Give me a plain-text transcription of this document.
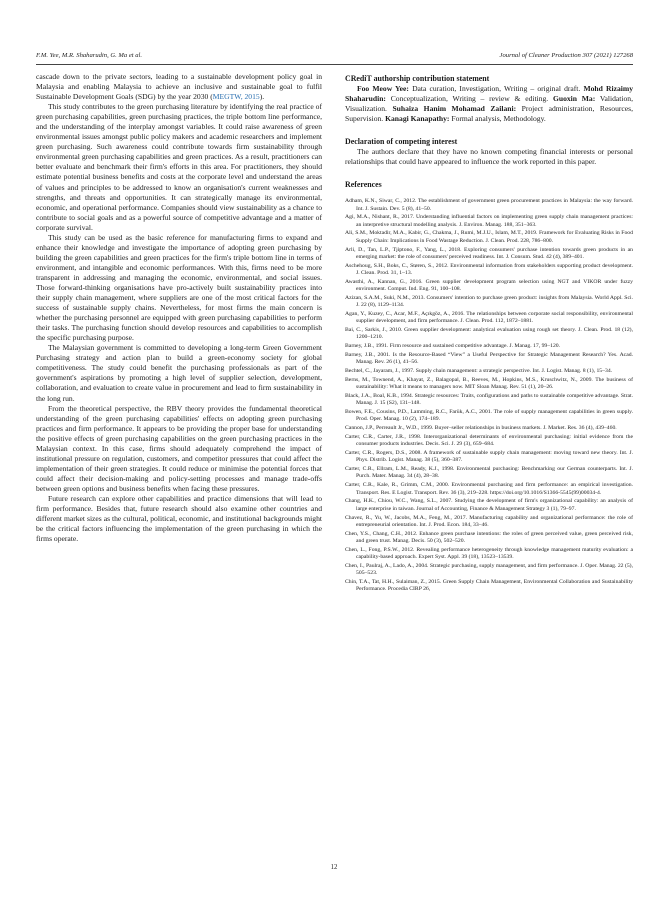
F.M. Yee, M.R. Shaharudin, G. Ma et al.	Journal of Cleaner Production 307 (2021) 127268

cascade down to the private sectors, leading to a sustainable development policy goal in Malaysia and enabling Malaysia to achieve an inclusive and sustainable goal to fulfil Sustainable Development Goals (SDG) by the year 2030 (MEGTW, 2015).

This study contributes to the green purchasing literature by identifying the real practice of green purchasing capabilities, green purchasing practices, the triple bottom line performance, and the understanding of the interplay amongst variables. It could raise awareness of green environmental issues amongst public policy makers and academic researchers and implement green purchasing. Such awareness could contribute towards firm sustainability through environmental green purchasing capabilities and green practices. As a result, practitioners can better evaluate and benchmark their firm's efforts in this area. For practitioners, they should estimate potential business benefits and costs at the corporate level and understand the areas of values and principles to be addressed to know an organisation's current weaknesses and strengths, and threats and opportunities. It can strategically manage its environmental, economic, and operational performance. Companies should view sustainability as a chance to contribute to social goals and as a powerful source of competitive advantage and a matter of corporate survival.

This study can be used as the basic reference for manufacturing firms to expand and enhance their knowledge and investigate the importance of adopting green purchasing by building the green capabilities and green practices for the firm's triple bottom line in terms of environment, and intangible and economic performances. With this, firms need to be more transparent in addressing and managing the economic, environmental, and social issues. Those forward-thinking organisations have pro-actively built sustainability practices into their supply chain management, where suppliers are one of the most critical factors for the success of sustainable supply chains. Nevertheless, for most firms the main concern is whether the purchasing personnel are equipped with green purchasing capabilities to perform their tasks. The purchasing function should develop resources and capabilities to accomplish the specific purchasing purpose.

The Malaysian government is committed to developing a long-term Green Government Purchasing strategy and action plan to build a green-economy society for global competitiveness. The study could benefit the purchasing professionals as part of the government's aspirations by promoting a high level of supplier selection, development, collaboration, and evaluation to create value in procurement and lead to firm sustainability in the long run.

From the theoretical perspective, the RBV theory provides the fundamental theoretical understanding of the green purchasing capabilities' effects on adopting green purchasing practices and firm performance. It appears to be providing the proper base for understanding the positive effects of green purchasing capabilities on the green purchasing practices in the Malaysian context. In this case, firms should adequately comprehend the impact of institutional pressure on regulation, customers, and competitor pressures that could affect the implementation of their green strategies. It could reduce or minimise the potential forces that could affect their decision-making and policy-setting processes and manage trade-offs between green options and business benefits when facing these pressures.

Future research can explore other capabilities and practice dimensions that will lead to firm performance. Besides that, future research should also examine other countries and different market sizes as the cultural, political, economic, and institutional backgrounds might be the critical factors influencing the implementation of the green purchasing in which the firms operate.

CRediT authorship contribution statement

Foo Meow Yee: Data curation, Investigation, Writing – original draft. Mohd Rizaimy Shaharudin: Conceptualization, Writing – review & editing. Guoxin Ma: Validation, Visualization. Suhaiza Hanim Mohamad Zailani: Project administration, Resources, Supervision. Kanagi Kanapathy: Formal analysis, Methodology.

Declaration of competing interest

The authors declare that they have no known competing financial interests or personal relationships that could have appeared to influence the work reported in this paper.

References

Adham, K.N., Siwar, C., 2012. The establishment of government green procurement practices in Malaysia: the way forward. Int. J. Sustain. Dev. 5 (8), 41–50.

Agi, M.A., Nishant, R., 2017. Understanding influential factors on implementing green supply chain management practices: an interpretive structural modelling analysis. J. Environ. Manag. 188, 351–363.

Ali, S.M., Moktadir, M.A., Kabir, G., Chakma, J., Rumi, M.J.U., Islam, M.T., 2019. Framework for Evaluating Risks in Food Supply Chain: Implications in Food Wastage Reduction. J. Clean. Prod. 228, 786–800.

Arli, D., Tan, L.P., Tjiptono, F., Yang, L., 2018. Exploring consumers' purchase intention towards green products in an emerging market: the role of consumers' perceived readiness. Int. J. Consum. Stud. 42 (4), 389–401.

Aschehoug, S.H., Boks, C., Støren, S., 2012. Environmental information from stakeholders supporting product development. J. Clean. Prod. 31, 1–13.

Awasthi, A., Kannan, G., 2016. Green supplier development program selection using NGT and VIKOR under fuzzy environment. Comput. Ind. Eng. 91, 100–108.

Azizan, S.A.M., Suki, N.M., 2013. Consumers' intention to purchase green product: insights from Malaysia. World Appl. Sci. J. 22 (8), 1129–1134.

Agan, Y., Kuzey, C., Acar, M.F., Açıkgöz, A., 2016. The relationships between corporate social responsibility, environmental supplier development, and firm performance. J. Clean. Prod. 112, 1872–1881.

Bai, C., Sarkis, J., 2010. Green supplier development: analytical evaluation using rough set theory. J. Clean. Prod. 18 (12), 1200–1210.

Barney, J.B., 1991. Firm resource and sustained competitive advantage. J. Manag. 17, 99–120.

Barney, J.B., 2001. Is the Resource-Based “View” a Useful Perspective for Strategic Management Research? Yes. Acad. Manag. Rev. 26 (1), 41–56.

Bechtel, C., Jayaram, J., 1997. Supply chain management: a strategic perspective. Int. J. Logist. Manag. 8 (1), 15–34.

Berns, M., Townend, A., Khayat, Z., Balagopal, B., Reeves, M., Hopkins, M.S., Kruschwitz, N., 2009. The business of sustainability: What it means to managers now. MIT Sloan Manag. Rev. 51 (1), 20–26.

Black, J.A., Boal, K.B., 1994. Strategic resources: Traits, configurations and paths to sustainable competitive advantage. Strat. Manag. J. 15 (S2), 131–148.

Bowen, F.E., Cousins, P.D., Lamming, R.C., Farük, A.C., 2001. The role of supply management capabilities in green supply. Prod. Oper. Manag. 10 (2), 174–189.

Cannon, J.P., Perreault Jr., W.D., 1999. Buyer–seller relationships in business markets. J. Market. Res. 36 (4), 439–460.

Carter, C.R., Carter, J.R., 1998. Interorganizational determinants of environmental purchasing: initial evidence from the consumer products industries. Decis. Sci. J. 29 (3), 659–684.

Carter, C.R., Rogers, D.S., 2008. A framework of sustainable supply chain management: moving toward new theory. Int. J. Phys. Distrib. Logist. Manag. 38 (5), 360–387.

Carter, C.R., Ellram, L.M., Ready, K.J., 1998. Environmental purchasing: Benchmarking our German counterparts. Int. J. Purch. Mater. Manag. 34 (4), 28–38.

Carter, C.R., Kale, R., Grimm, C.M., 2000. Environmental purchasing and firm performance: an empirical investigation. Transport. Res. E Logist. Transport. Rev. 36 (3), 219–228. https://doi.org/10.1016/S1366-5545(99)00034-4.

Chang, H.K., Chiou, W.C., Wang, S.L., 2007. Studying the development of firm's organizational capability: an analysis of large enterprise in taiwan. Journal of Accounting, Finance & Management Strategy 3 (1), 79–97.

Chavez, R., Yu, W., Jacobs, M.A., Feng, M., 2017. Manufacturing capability and organizational performance: the role of entrepreneurial orientation. Int. J. Prod. Econ. 184, 33–46.

Chen, Y.S., Chang, C.H., 2012. Enhance green purchase intentions: the roles of green perceived value, green perceived risk, and green trust. Manag. Decis. 50 (3), 502–520.

Chen, L., Fong, P.S.W., 2012. Revealing performance heterogeneity through knowledge management maturity evaluation: a capability-based approach. Expert Syst. Appl. 39 (18), 13523–13539.

Chen, I., Paulraj, A., Lado, A., 2004. Strategic purchasing, supply management, and firm performance. J. Oper. Manag. 22 (5), 505–523.

Chin, T.A., Tat, H.H., Sulaiman, Z., 2015. Green Supply Chain Management, Environmental Collaboration and Sustainability Performance. Procedia CIRP 26,

12
